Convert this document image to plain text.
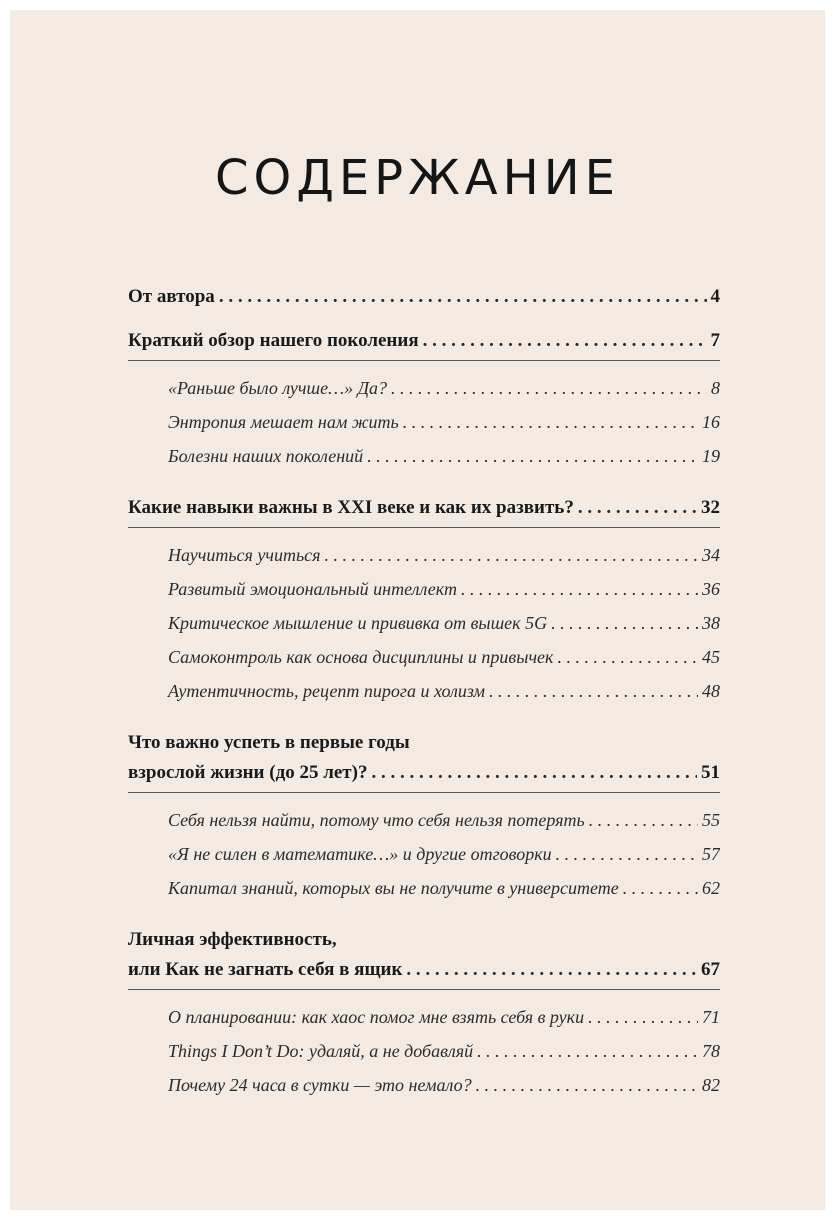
СОДЕРЖАНИЕ
От автора . . .	4
Краткий обзор нашего поколения . . .	7
«Раньше было лучше…» Да? . . .	8
Энтропия мешает нам жить . . .	16
Болезни наших поколений . . .	19
Какие навыки важны в XXI веке и как их развить? . . .	32
Научиться учиться . . .	34
Развитый эмоциональный интеллект . . .	36
Критическое мышление и прививка от вышек 5G . . .	38
Самоконтроль как основа дисциплины и привычек . . .	45
Аутентичность, рецепт пирога и холизм . . .	48
Что важно успеть в первые годы
взрослой жизни (до 25 лет)? . . .	51
Себя нельзя найти, потому что себя нельзя потерять . . .	55
«Я не силен в математике…» и другие отговорки . . .	57
Капитал знаний, которых вы не получите в университете . . .	62
Личная эффективность,
или Как не загнать себя в ящик . . .	67
О планировании: как хаос помог мне взять себя в руки . . .	71
Things I Don’t Do: удаляй, а не добавляй . . .	78
Почему 24 часа в сутки — это немало? . . .	82
